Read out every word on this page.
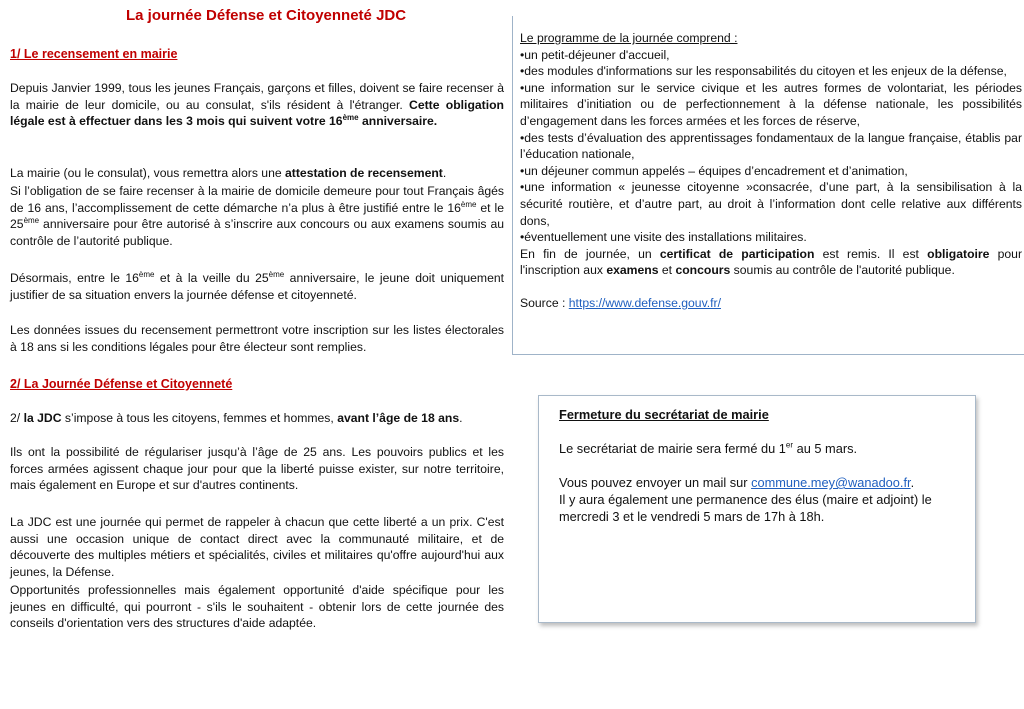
La journée Défense et Citoyenneté JDC
1/ Le recensement en mairie

Depuis Janvier 1999, tous les jeunes Français, garçons et filles, doivent se faire recenser à la mairie de leur domicile, ou au consulat, s'ils résident à l'étranger. Cette obligation légale est à effectuer dans les 3 mois qui suivent votre 16ème anniversaire.

La mairie (ou le consulat), vous remettra alors une attestation de recensement.

Si l’obligation de se faire recenser à la mairie de domicile demeure pour tout Français âgés de 16 ans, l’accomplissement de cette démarche n’a plus à être justifié entre le 16ème et le 25ème anniversaire pour être autorisé à s’inscrire aux concours ou aux examens soumis au contrôle de l’autorité publique.

Désormais, entre le 16ème et à la veille du 25ème anniversaire, le jeune doit uniquement justifier de sa situation envers la journée défense et citoyenneté.

Les données issues du recensement permettront votre inscription sur les listes électorales à 18 ans si les conditions légales pour être électeur sont remplies.

2/ La Journée Défense et Citoyenneté

2/ la JDC s’impose à tous les citoyens, femmes et hommes, avant l’âge de 18 ans.

Ils ont la possibilité de régulariser jusqu’à l’âge de 25 ans. Les pouvoirs publics et les forces armées agissent chaque jour pour que la liberté puisse exister, sur notre territoire, mais également en Europe et sur d'autres continents.

La JDC est une journée qui permet de rappeler à chacun que cette liberté a un prix. C'est aussi une occasion unique de contact direct avec la communauté militaire, et de découverte des multiples métiers et spécialités, civiles et militaires qu'offre aujourd'hui aux jeunes, la Défense.

Opportunités professionnelles mais également opportunité d'aide spécifique pour les jeunes en difficulté, qui pourront - s'ils le souhaitent - obtenir lors de cette journée des conseils d'orientation vers des structures d'aide adaptée.

Le programme de la journée comprend :

•un petit-déjeuner d'accueil,

•des modules d'informations sur les responsabilités du citoyen et les enjeux de la défense,

•une information sur le service civique et les autres formes de volontariat, les périodes militaires d’initiation ou de perfectionnement à la défense nationale, les possibilités d’engagement dans les forces armées et les forces de réserve,

•des tests d’évaluation des apprentissages fondamentaux de la langue française, établis par l’éducation nationale,

•un déjeuner commun appelés – équipes d’encadrement et d’animation,

•une information « jeunesse citoyenne »consacrée, d’une part, à la sensibilisation à la sécurité routière, et d’autre part, au droit à l’information dont celle relative aux différents dons,

•éventuellement une visite des installations militaires.

En fin de journée, un certificat de participation est remis. Il est obligatoire pour l'inscription aux examens et concours soumis au contrôle de l'autorité publique.

Source : https://www.defense.gouv.fr/

Fermeture du secrétariat de mairie

Le secrétariat de mairie sera fermé du 1er au 5 mars.

Vous pouvez envoyer un mail sur commune.mey@wanadoo.fr.

Il y aura également une permanence des élus (maire et adjoint) le mercredi 3 et le vendredi 5 mars de 17h à 18h.
